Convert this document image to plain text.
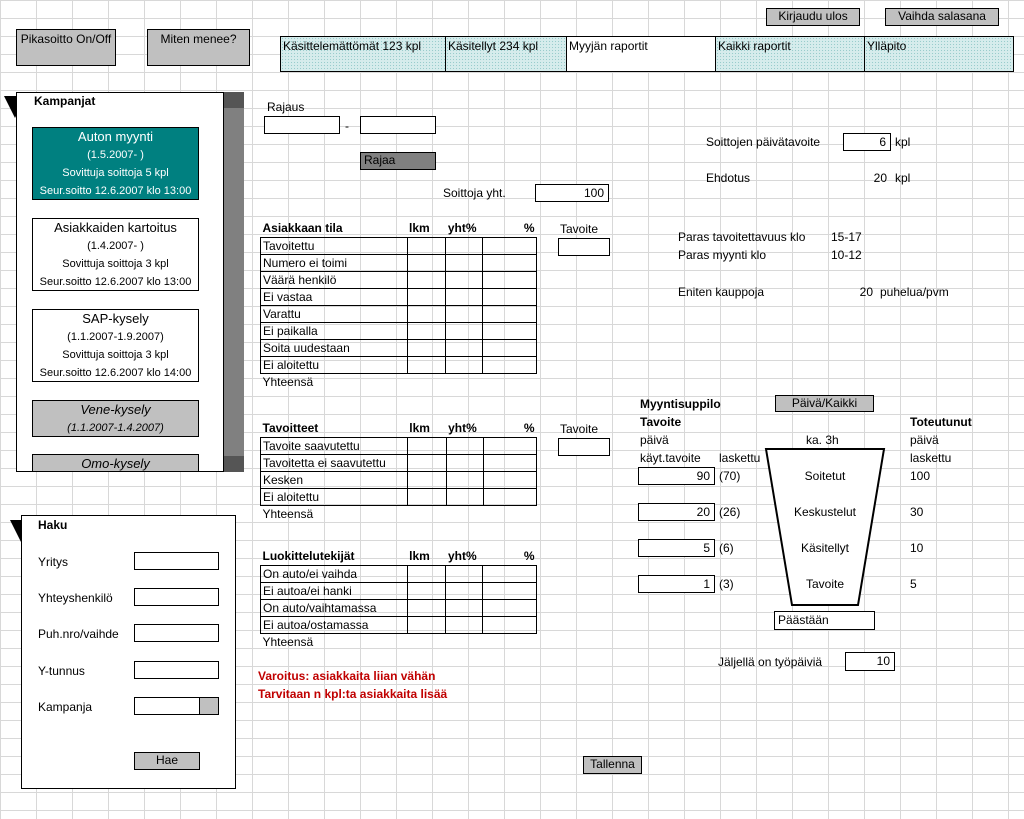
Kirjaudu ulos	Vaihda salasana
Pikasoitto On/Off	Miten menee?	Käsittelemättömät 123 kpl	Käsitellyt 234 kpl	Myyjän raportit	Kaikki raportit	Ylläpito
Kampanjat
Auton myynti
(1.5.2007- )
Sovittuja soittoja 5 kpl
Seur.soitto 12.6.2007 klo 13:00
Asiakkaiden kartoitus
(1.4.2007- )
Sovittuja soittoja 3 kpl
Seur.soitto 12.6.2007 klo 13:00
SAP-kysely
(1.1.2007-1.9.2007)
Sovittuja soittoja 3 kpl
Seur.soitto 12.6.2007 klo 14:00
Vene-kysely
(1.1.2007-1.4.2007)
Omo-kysely
Haku
Yritys
Yhteyshenkilö
Puh.nro/vaihde
Y-tunnus
Kampanja
Hae
Rajaus
-
Rajaa
Soittoja yht.	100
Asiakkaan tila	lkm	yht%	%
Tavoitettu			
Numero ei toimi			
Väärä henkilö			
Ei vastaa			
Varattu			
Ei paikalla			
Soita uudestaan			
Ei aloitettu			
Yhteensä			
Tavoite
Tavoitteet	lkm	yht%	%
Tavoite saavutettu			
Tavoitetta ei saavutettu			
Kesken			
Ei aloitettu			
Yhteensä			
Tavoite
Luokittelutekijät	lkm	yht%	%
On auto/ei vaihda			
Ei autoa/ei hanki			
On auto/vaihtamassa			
Ei autoa/ostamassa			
Yhteensä			
Varoitus: asiakkaita liian vähän
Tarvitaan n kpl:ta asiakkaita lisää
Soittojen päivätavoite	6 kpl
Ehdotus	20 kpl
Paras tavoitettavuus klo 15-17
Paras myynti klo	10-12
Eniten kauppoja	20 puhelua/pvm
Myyntisuppilo	Päivä/Kaikki
Tavoite	Toteutunut
päivä	ka. 3h	päivä
käyt.tavoite laskettu	laskettu
90 (70)	Soitetut	100
20 (26)	Keskustelut	30
5 (6)	Käsitellyt	10
1 (3)	Tavoite	5
Päästään
Jäljellä on työpäiviä	10
Tallenna
